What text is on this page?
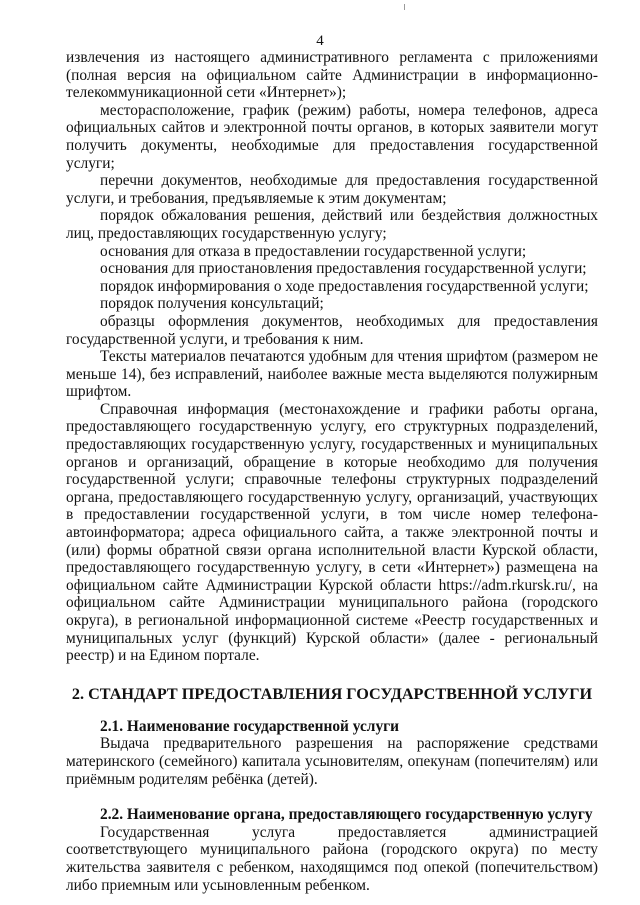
4

извлечения из настоящего административного регламента с приложениями (полная версия на официальном сайте Администрации в информационно-телекоммуникационной сети «Интернет»);

месторасположение, график (режим) работы, номера телефонов, адреса официальных сайтов и электронной почты органов, в которых заявители могут получить документы, необходимые для предоставления государственной услуги;

перечни документов, необходимые для предоставления государственной услуги, и требования, предъявляемые к этим документам;

порядок обжалования решения, действий или бездействия должностных лиц, предоставляющих государственную услугу;

основания для отказа в предоставлении государственной услуги;

основания для приостановления предоставления государственной услуги;

порядок информирования о ходе предоставления государственной услуги;

порядок получения консультаций;

образцы оформления документов, необходимых для предоставления государственной услуги, и требования к ним.

Тексты материалов печатаются удобным для чтения шрифтом (размером не меньше 14), без исправлений, наиболее важные места выделяются полужирным шрифтом.

Справочная информация (местонахождение и графики работы органа, предоставляющего государственную услугу, его структурных подразделений, предоставляющих государственную услугу, государственных и муниципальных органов и организаций, обращение в которые необходимо для получения государственной услуги; справочные телефоны структурных подразделений органа, предоставляющего государственную услугу, организаций, участвующих в предоставлении государственной услуги, в том числе номер телефона-автоинформатора; адреса официального сайта, а также электронной почты и (или) формы обратной связи органа исполнительной власти Курской области, предоставляющего государственную услугу, в сети «Интернет») размещена на официальном сайте Администрации Курской области https://adm.rkursk.ru/, на официальном сайте Администрации муниципального района (городского округа), в региональной информационной системе «Реестр государственных и муниципальных услуг (функций) Курской области» (далее - региональный реестр) и на Едином портале.

2. СТАНДАРТ ПРЕДОСТАВЛЕНИЯ ГОСУДАРСТВЕННОЙ УСЛУГИ
2.1. Наименование государственной услуги

Выдача предварительного разрешения на распоряжение средствами материнского (семейного) капитала усыновителям, опекунам (попечителям) или приёмным родителям ребёнка (детей).

2.2. Наименование органа, предоставляющего государственную услугу

Государственная услуга предоставляется администрацией соответствующего муниципального района (городского округа) по месту жительства заявителя с ребенком, находящимся под опекой (попечительством) либо приемным или усыновленным ребенком.
